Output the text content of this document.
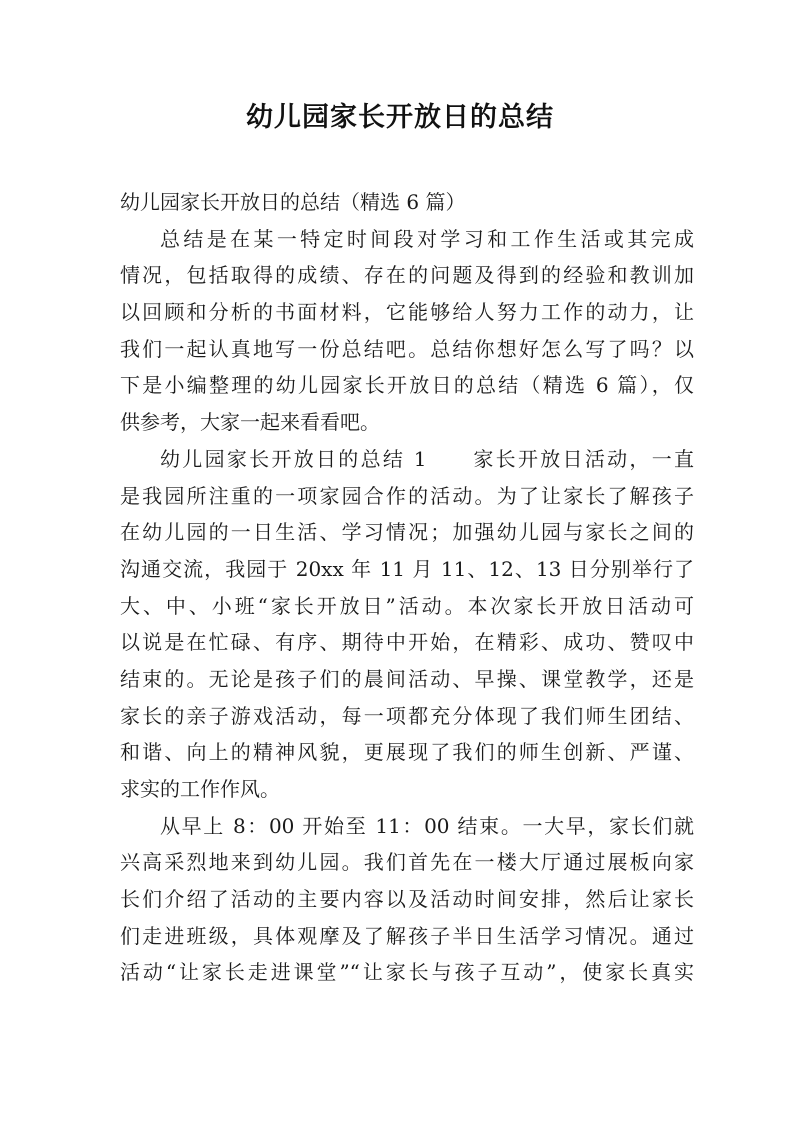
幼儿园家长开放日的总结
幼儿园家长开放日的总结（精选 6 篇）
总结是在某一特定时间段对学习和工作生活或其完成
情况，包括取得的成绩、存在的问题及得到的经验和教训加
以回顾和分析的书面材料，它能够给人努力工作的动力，让
我们一起认真地写一份总结吧。总结你想好怎么写了吗？以
下是小编整理的幼儿园家长开放日的总结（精选 6 篇），仅
供参考，大家一起来看看吧。
幼儿园家长开放日的总结 1　　家长开放日活动，一直
是我园所注重的一项家园合作的活动。为了让家长了解孩子
在幼儿园的一日生活、学习情况；加强幼儿园与家长之间的
沟通交流，我园于 20xx 年 11 月 11、12、13 日分别举行了
大、中、小班“家长开放日”活动。本次家长开放日活动可
以说是在忙碌、有序、期待中开始，在精彩、成功、赞叹中
结束的。无论是孩子们的晨间活动、早操、课堂教学，还是
家长的亲子游戏活动，每一项都充分体现了我们师生团结、
和谐、向上的精神风貌，更展现了我们的师生创新、严谨、
求实的工作作风。
从早上 8：00 开始至 11：00 结束。一大早，家长们就
兴高采烈地来到幼儿园。我们首先在一楼大厅通过展板向家
长们介绍了活动的主要内容以及活动时间安排，然后让家长
们走进班级，具体观摩及了解孩子半日生活学习情况。通过
活动“让家长走进课堂”“让家长与孩子互动”，使家长真实
